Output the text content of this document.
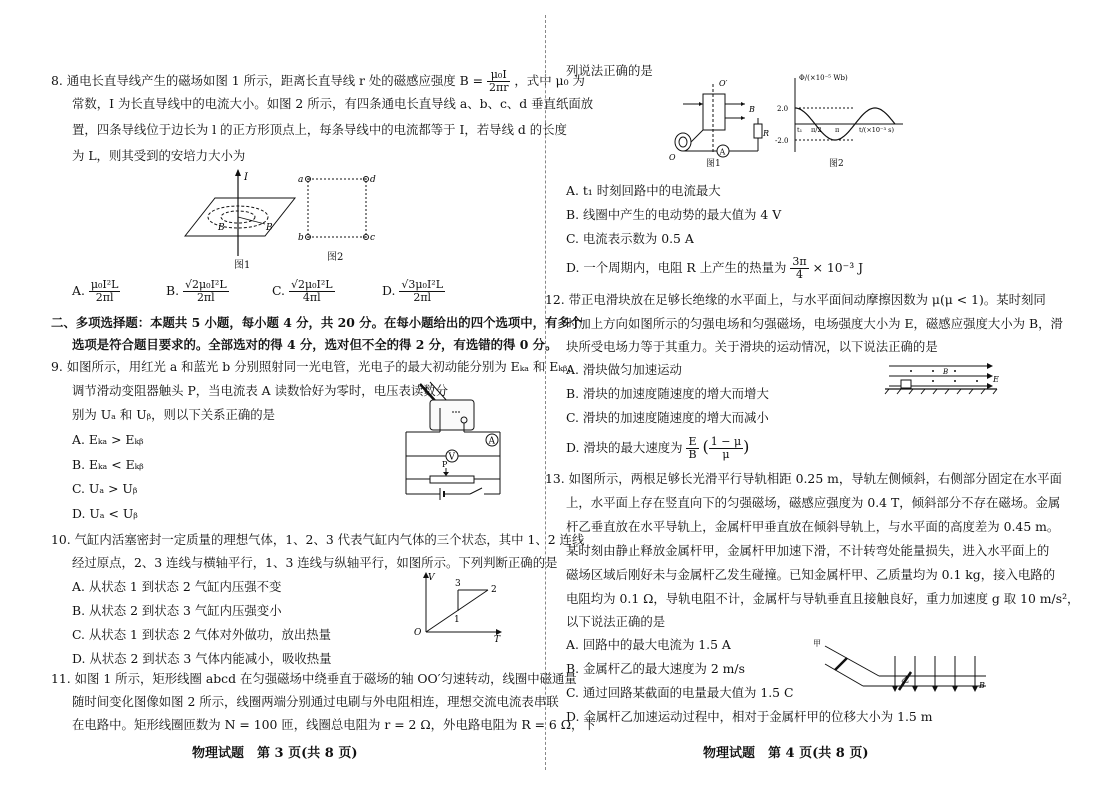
8. 通电长直导线产生的磁场如图 1 所示，距离长直导线 r 处的磁感应强度 $B = \frac{\text{μ₀I}}{2\pi r}$ ，式中 μ₀ 为
常数，I 为长直导线中的电流大小。如图 2 所示，有四条通电长直导线 a、b、c、d 垂直纸面放
置，四条导线位于边长为 l 的正方形顶点上，每条导线中的电流都等于 I，若导线 d 的长度
为 L，则其受到的安培力大小为
I
B	B
图1
a	d
b	c
图2
A. $\frac{\text{μ₀I²L}}{2\pi l}$	B. $\frac{\text{√2μ₀I²L}}{2\pi l}$	C. $\frac{\text{√2μ₀I²L}}{4\pi l}$	D. $\frac{\text{√3μ₀I²L}}{2\pi l}$
二、多项选择题：本题共 5 小题，每小题 4 分，共 20 分。在每小题给出的四个选项中，有多个
选项是符合题目要求的。全部选对的得 4 分，选对但不全的得 2 分，有选错的得 0 分。
9. 如图所示，用红光 a 和蓝光 b 分别照射同一光电管，光电子的最大初动能分别为 Eₖₐ 和 Eₖᵦ，
调节滑动变阻器触头 P，当电流表 A 读数恰好为零时，电压表读数分
别为 Uₐ 和 Uᵦ，则以下关系正确的是
A. Eₖₐ > Eₖᵦ
B. Eₖₐ < Eₖᵦ
C. Uₐ > Uᵦ
D. Uₐ < Uᵦ
A
V
P
10. 气缸内活塞密封一定质量的理想气体，1、2、3 代表气缸内气体的三个状态，其中 1、2 连线
经过原点，2、3 连线与横轴平行，1、3 连线与纵轴平行，如图所示。下列判断正确的是
A. 从状态 1 到状态 2 气缸内压强不变
B. 从状态 2 到状态 3 气缸内压强变小
C. 从状态 1 到状态 2 气体对外做功，放出热量
D. 从状态 2 到状态 3 气体内能减小，吸收热量
V
T
O
1
2
3
11. 如图 1 所示，矩形线圈 abcd 在匀强磁场中绕垂直于磁场的轴 OO′匀速转动，线圈中磁通量
随时间变化图像如图 2 所示，线圈两端分别通过电刷与外电阻相连，理想交流电流表串联
在电路中。矩形线圈匝数为 N = 100 匝，线圈总电阻为 r = 2 Ω，外电路电阻为 R = 6 Ω，下
物理试题　第 3 页(共 8 页)
列说法正确的是
A
R
O′
O
B
图1
Φ/(×10⁻⁵ Wb)
t/(×10⁻³ s)
2.0
-2.0
t₁ π/2 π
图2
A. t₁ 时刻回路中的电流最大
B. 线圈中产生的电动势的最大值为 4 V
C. 电流表示数为 0.5 A
D. 一个周期内，电阻 R 上产生的热量为 $\frac{3\pi}{4} \times 10^{-3}$ J
12. 带正电滑块放在足够长绝缘的水平面上，与水平面间动摩擦因数为 μ(μ < 1)。某时刻同
时加上方向如图所示的匀强电场和匀强磁场，电场强度大小为 E，磁感应强度大小为 B，滑
块所受电场力等于其重力。关于滑块的运动情况，以下说法正确的是
A. 滑块做匀加速运动
B. 滑块的加速度随速度的增大而增大
C. 滑块的加速度随速度的增大而减小
D. 滑块的最大速度为 $\frac{E}{B}$ ( $\frac{1 - \mu}{\mu}$ )
B
E
13. 如图所示，两根足够长光滑平行导轨相距 0.25 m，导轨左侧倾斜，右侧部分固定在水平面
上，水平面上存在竖直向下的匀强磁场，磁感应强度为 0.4 T，倾斜部分不存在磁场。金属
杆乙垂直放在水平导轨上，金属杆甲垂直放在倾斜导轨上，与水平面的高度差为 0.45 m。
某时刻由静止释放金属杆甲，金属杆甲加速下滑，不计转弯处能量损失，进入水平面上的
磁场区域后刚好未与金属杆乙发生碰撞。已知金属杆甲、乙质量均为 0.1 kg，接入电路的
电阻均为 0.1 Ω，导轨电阻不计，金属杆与导轨垂直且接触良好，重力加速度 g 取 10 m/s²，
以下说法正确的是
A. 回路中的最大电流为 1.5 A
B. 金属杆乙的最大速度为 2 m/s
C. 通过回路某截面的电量最大值为 1.5 C
D. 金属杆乙加速运动过程中，相对于金属杆甲的位移大小为 1.5 m
甲
乙
B
物理试题　第 4 页(共 8 页)
